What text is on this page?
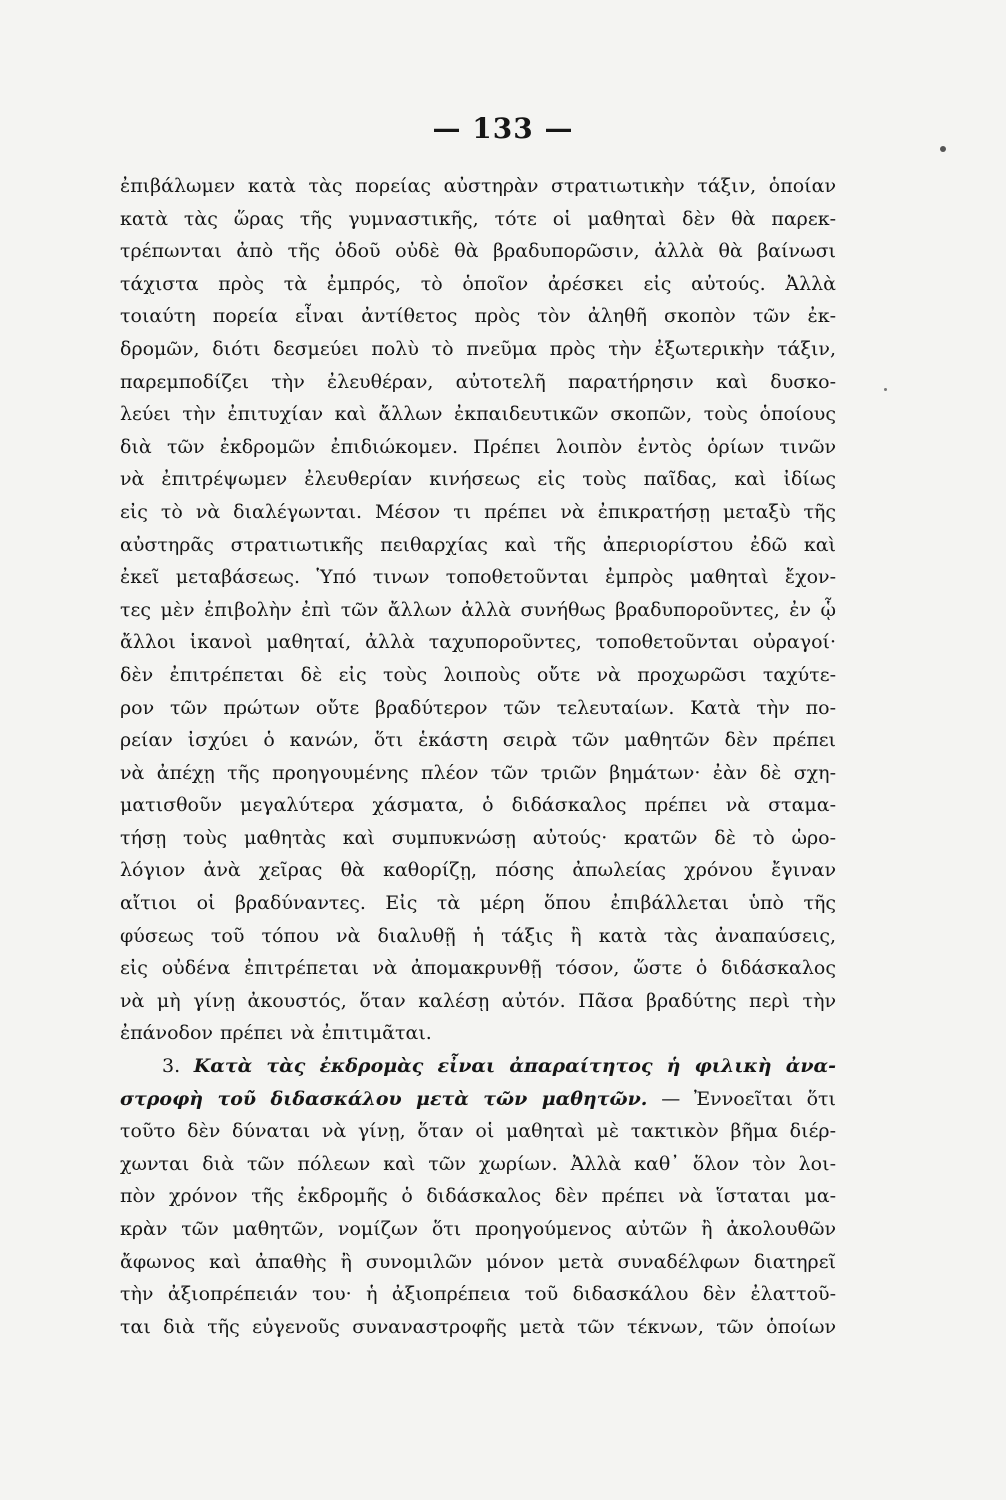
— 133 —
ἐπιβάλωμεν κατὰ τὰς πορείας αὐστηρὰν στρατιωτικὴν τάξιν, ὁποίαν
κατὰ τὰς ὥρας τῆς γυμναστικῆς, τότε οἱ μαθηταὶ δὲν θὰ παρεκ-
τρέπωνται ἀπὸ τῆς ὁδοῦ οὐδὲ θὰ βραδυπορῶσιν, ἀλλὰ θὰ βαίνωσι
τάχιστα πρὸς τὰ ἐμπρός, τὸ ὁποῖον ἀρέσκει εἰς αὐτούς. Ἀλλὰ
τοιαύτη πορεία εἶναι ἀντίθετος πρὸς τὸν ἀληθῆ σκοπὸν τῶν ἐκ-
δρομῶν, διότι δεσμεύει πολὺ τὸ πνεῦμα πρὸς τὴν ἐξωτερικὴν τάξιν,
παρεμποδίζει τὴν ἐλευθέραν, αὐτοτελῆ παρατήρησιν καὶ δυσκο-
λεύει τὴν ἐπιτυχίαν καὶ ἄλλων ἐκπαιδευτικῶν σκοπῶν, τοὺς ὁποίους
διὰ τῶν ἐκδρομῶν ἐπιδιώκομεν. Πρέπει λοιπὸν ἐντὸς ὁρίων τινῶν
νὰ ἐπιτρέψωμεν ἐλευθερίαν κινήσεως εἰς τοὺς παῖδας, καὶ ἰδίως
εἰς τὸ νὰ διαλέγωνται. Μέσον τι πρέπει νὰ ἐπικρατήσῃ μεταξὺ τῆς
αὐστηρᾶς στρατιωτικῆς πειθαρχίας καὶ τῆς ἀπεριορίστου ἐδῶ καὶ
ἐκεῖ μεταβάσεως. Ὑπό τινων τοποθετοῦνται ἐμπρὸς μαθηταὶ ἔχον-
τες μὲν ἐπιβολὴν ἐπὶ τῶν ἄλλων ἀλλὰ συνήθως βραδυποροῦντες, ἐν ᾧ
ἄλλοι ἱκανοὶ μαθηταί, ἀλλὰ ταχυποροῦντες, τοποθετοῦνται οὐραγοί·
δὲν ἐπιτρέπεται δὲ εἰς τοὺς λοιποὺς οὔτε νὰ προχωρῶσι ταχύτε-
ρον τῶν πρώτων οὔτε βραδύτερον τῶν τελευταίων. Κατὰ τὴν πο-
ρείαν ἰσχύει ὁ κανών, ὅτι ἑκάστη σειρὰ τῶν μαθητῶν δὲν πρέπει
νὰ ἀπέχῃ τῆς προηγουμένης πλέον τῶν τριῶν βημάτων· ἐὰν δὲ σχη-
ματισθοῦν μεγαλύτερα χάσματα, ὁ διδάσκαλος πρέπει νὰ σταμα-
τήσῃ τοὺς μαθητὰς καὶ συμπυκνώσῃ αὐτούς· κρατῶν δὲ τὸ ὡρο-
λόγιον ἀνὰ χεῖρας θὰ καθορίζῃ, πόσης ἀπωλείας χρόνου ἔγιναν
αἴτιοι οἱ βραδύναντες. Εἰς τὰ μέρη ὅπου ἐπιβάλλεται ὑπὸ τῆς
φύσεως τοῦ τόπου νὰ διαλυθῇ ἡ τάξις ἢ κατὰ τὰς ἀναπαύσεις,
εἰς οὐδένα ἐπιτρέπεται νὰ ἀπομακρυνθῇ τόσον, ὥστε ὁ διδάσκαλος
νὰ μὴ γίνῃ ἀκουστός, ὅταν καλέσῃ αὐτόν. Πᾶσα βραδύτης περὶ τὴν
ἐπάνοδον πρέπει νὰ ἐπιτιμᾶται.
3. Κατὰ τὰς ἐκδρομὰς εἶναι ἀπαραίτητος ἡ φιλικὴ ἀνα-
στροφὴ τοῦ διδασκάλου μετὰ τῶν μαθητῶν. — Ἐννοεῖται ὅτι
τοῦτο δὲν δύναται νὰ γίνῃ, ὅταν οἱ μαθηταὶ μὲ τακτικὸν βῆμα διέρ-
χωνται διὰ τῶν πόλεων καὶ τῶν χωρίων. Ἀλλὰ καθ᾽ ὅλον τὸν λοι-
πὸν χρόνον τῆς ἐκδρομῆς ὁ διδάσκαλος δὲν πρέπει νὰ ἵσταται μα-
κρὰν τῶν μαθητῶν, νομίζων ὅτι προηγούμενος αὐτῶν ἢ ἀκολουθῶν
ἄφωνος καὶ ἀπαθὴς ἢ συνομιλῶν μόνον μετὰ συναδέλφων διατηρεῖ
τὴν ἀξιοπρέπειάν του· ἡ ἀξιοπρέπεια τοῦ διδασκάλου δὲν ἐλαττοῦ-
ται διὰ τῆς εὐγενοῦς συναναστροφῆς μετὰ τῶν τέκνων, τῶν ὁποίων
